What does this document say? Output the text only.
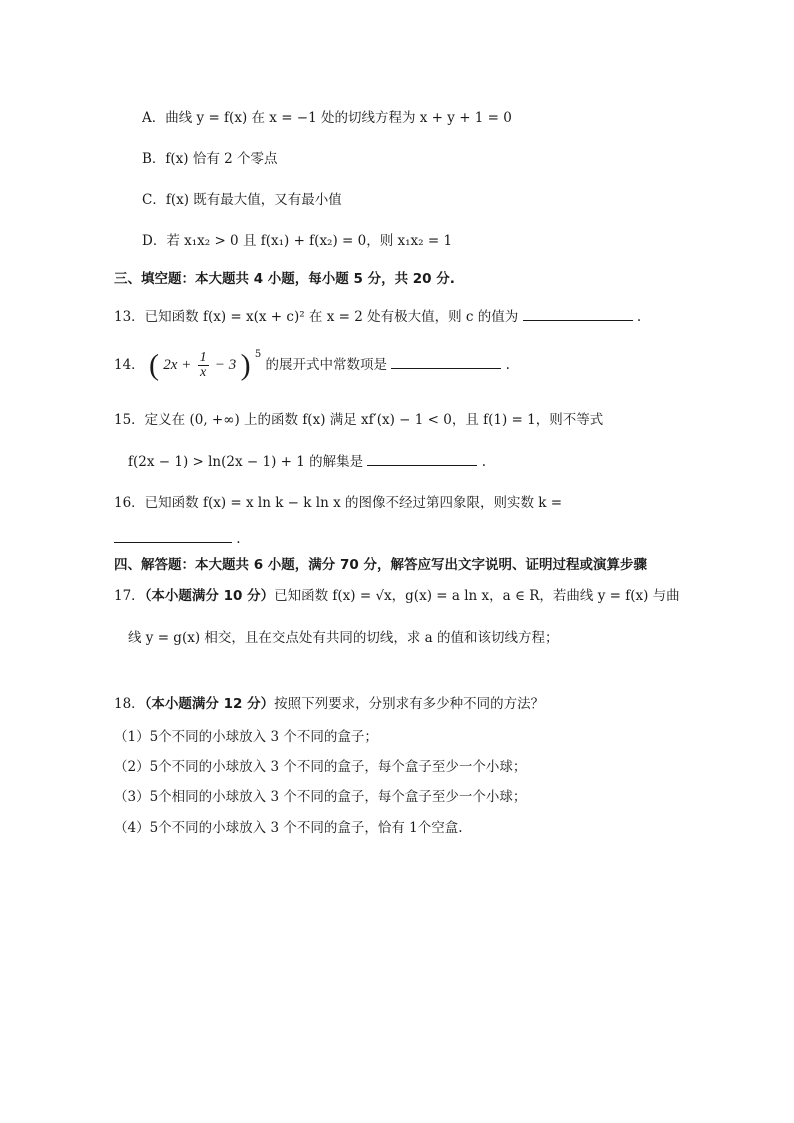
A．曲线 y = f(x) 在 x = −1 处的切线方程为 x + y + 1 = 0
B．f(x) 恰有 2 个零点
C．f(x) 既有最大值，又有最小值
D．若 x₁x₂ > 0 且 f(x₁) + f(x₂) = 0，则 x₁x₂ = 1
三、填空题：本大题共 4 小题，每小题 5 分，共 20 分.
13．已知函数 f(x) = x(x + c)² 在 x = 2 处有极大值，则 c 的值为	.
14． ( $2x + \frac{1}{x} - 3$ ) $^5$ 的展开式中常数项是	.
15．定义在 (0, +∞) 上的函数 f(x) 满足 xf′(x) − 1 < 0，且 f(1) = 1，则不等式
f(2x − 1) > ln(2x − 1) + 1 的解集是	.
16．已知函数 f(x) = x ln k − k ln x 的图像不经过第四象限，则实数 k =
.
四、解答题：本大题共 6 小题，满分 70 分，解答应写出文字说明、证明过程或演算步骤
17．（本小题满分 10 分）已知函数 f(x) = √x，g(x) = a ln x，a ∈ R，若曲线 y = f(x) 与曲
线 y = g(x) 相交，且在交点处有共同的切线，求 a 的值和该切线方程；
18．（本小题满分 12 分）按照下列要求，分别求有多少种不同的方法？
（1）5个不同的小球放入 3 个不同的盒子；
（2）5个不同的小球放入 3 个不同的盒子，每个盒子至少一个小球；
（3）5个相同的小球放入 3 个不同的盒子，每个盒子至少一个小球；
（4）5个不同的小球放入 3 个不同的盒子，恰有 1个空盒.
